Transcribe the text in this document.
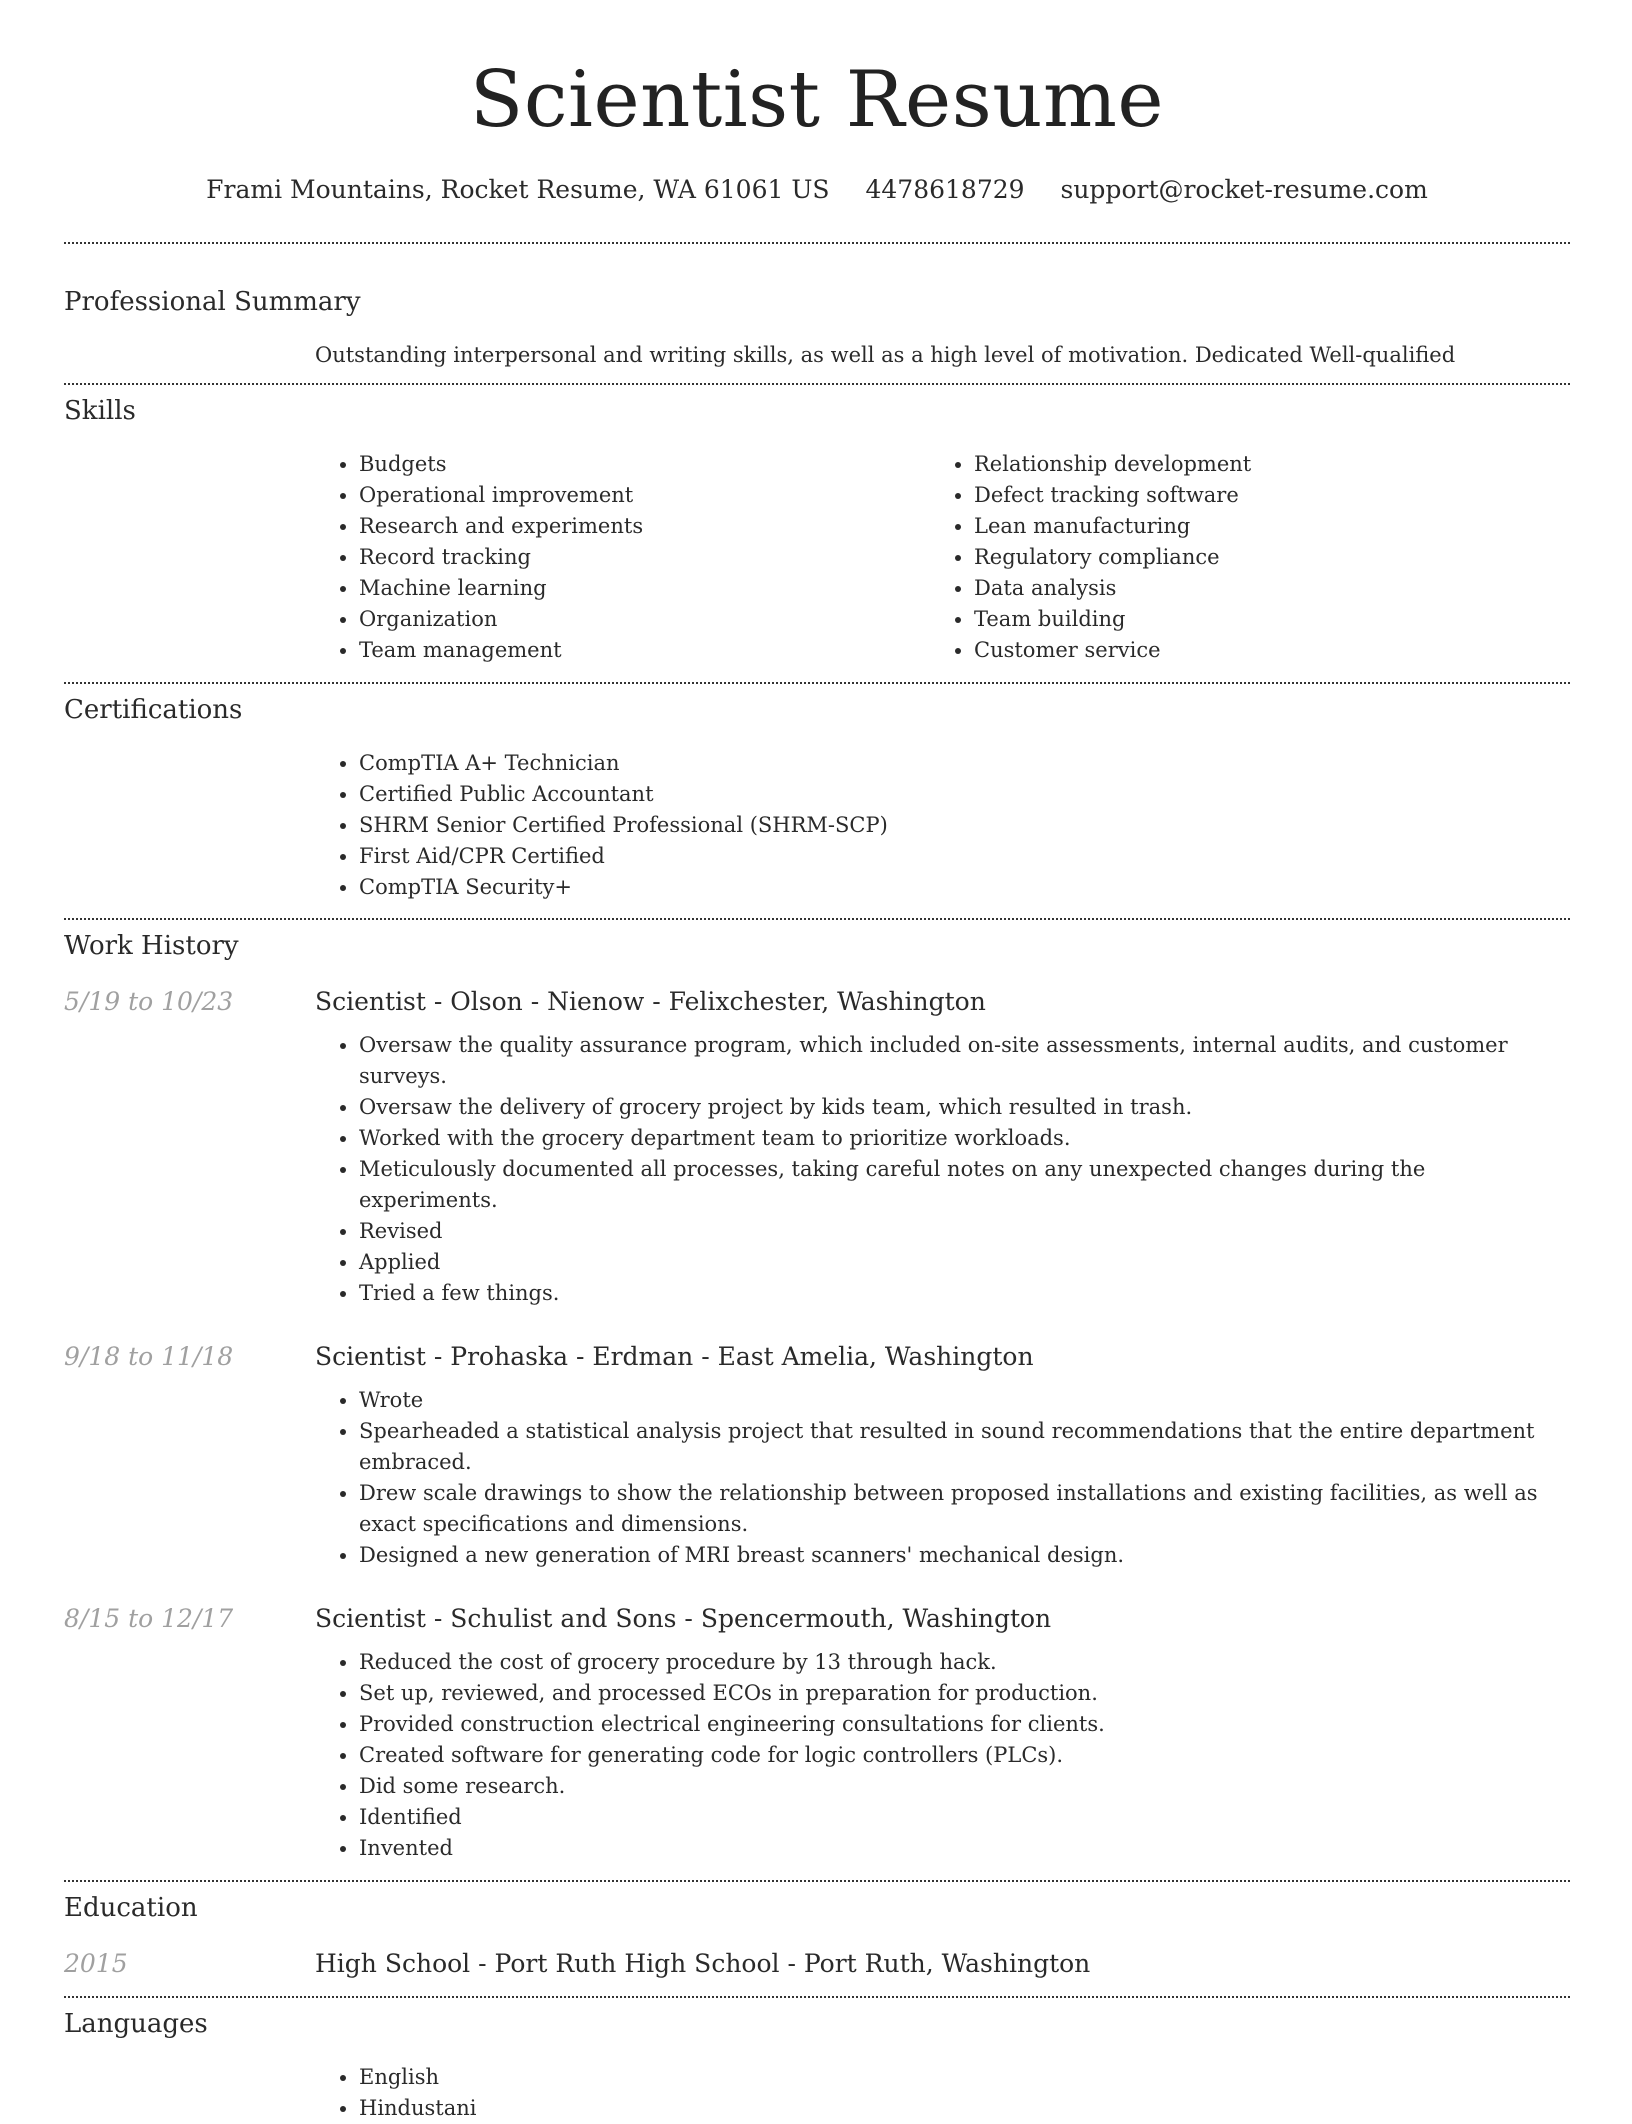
Scientist Resume
Frami Mountains, Rocket Resume, WA 61061 US 4478618729 support@rocket-resume.com
Professional Summary
Outstanding interpersonal and writing skills, as well as a high level of motivation. Dedicated Well-qualified
Skills
• Budgets
• Operational improvement
• Research and experiments
• Record tracking
• Machine learning
• Organization
• Team management
• Relationship development
• Defect tracking software
• Lean manufacturing
• Regulatory compliance
• Data analysis
• Team building
• Customer service
Certifications
• CompTIA A+ Technician
• Certified Public Accountant
• SHRM Senior Certified Professional (SHRM-SCP)
• First Aid/CPR Certified
• CompTIA Security+
Work History
5/19 to 10/23	Scientist - Olson - Nienow - Felixchester, Washington
• Oversaw the quality assurance program, which included on-site assessments, internal audits, and customer surveys.
• Oversaw the delivery of grocery project by kids team, which resulted in trash.
• Worked with the grocery department team to prioritize workloads.
• Meticulously documented all processes, taking careful notes on any unexpected changes during the experiments.
• Revised
• Applied
• Tried a few things.
9/18 to 11/18	Scientist - Prohaska - Erdman - East Amelia, Washington
• Wrote
• Spearheaded a statistical analysis project that resulted in sound recommendations that the entire department embraced.
• Drew scale drawings to show the relationship between proposed installations and existing facilities, as well as exact specifications and dimensions.
• Designed a new generation of MRI breast scanners' mechanical design.
8/15 to 12/17	Scientist - Schulist and Sons - Spencermouth, Washington
• Reduced the cost of grocery procedure by 13 through hack.
• Set up, reviewed, and processed ECOs in preparation for production.
• Provided construction electrical engineering consultations for clients.
• Created software for generating code for logic controllers (PLCs).
• Did some research.
• Identified
• Invented
Education
2015	High School - Port Ruth High School - Port Ruth, Washington
Languages
• English
• Hindustani
